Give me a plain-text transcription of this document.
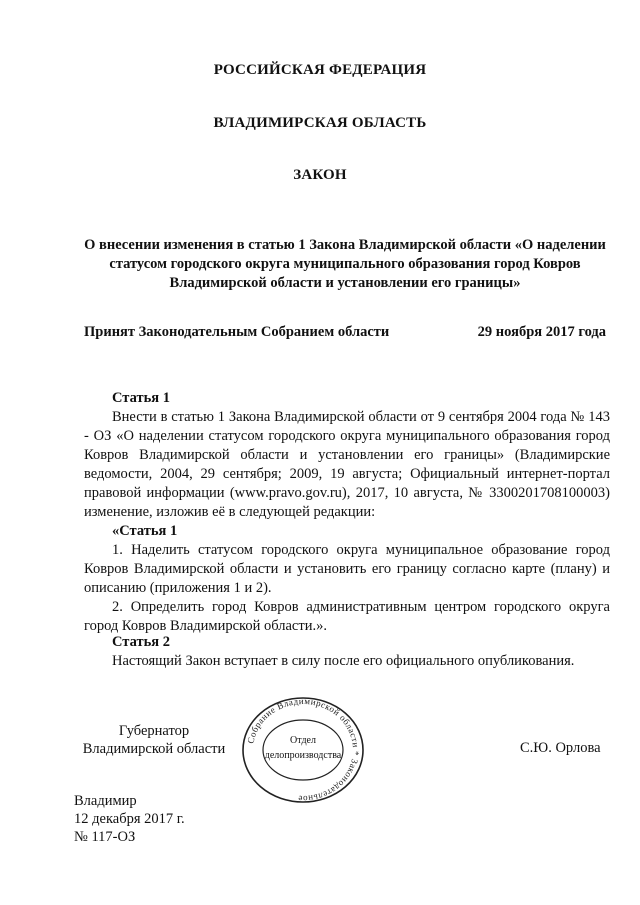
РОССИЙСКАЯ ФЕДЕРАЦИЯ
ВЛАДИМИРСКАЯ ОБЛАСТЬ
ЗАКОН
О внесении изменения в статью 1 Закона Владимирской области «О наделении статусом городского округа муниципального образования город Ковров Владимирской области и установлении его границы»
Принят Законодательным Собранием области	29 ноября 2017 года
Статья 1

Внести в статью 1 Закона Владимирской области от 9 сентября 2004 года № 143 - ОЗ «О наделении статусом городского округа муниципального образования город Ковров Владимирской области и установлении его границы» (Владимирские ведомости, 2004, 29 сентября; 2009, 19 августа; Официальный интернет-портал правовой информации (www.pravo.gov.ru), 2017, 10 августа, № 3300201708100003) изменение, изложив её в следующей редакции:

«Статья 1

1. Наделить статусом городского округа муниципальное образование город Ковров Владимирской области и установить его границу согласно карте (плану) и описанию (приложения 1 и 2).

2. Определить город Ковров административным центром городского округа город Ковров Владимирской области.».

Статья 2

Настоящий Закон вступает в силу после его официального опубликования.

Губернатор
Владимирской области
Собрание Владимирской области * Законодательное
Отдел
делопроизводства	С.Ю. Орлова
Владимир
12 декабря 2017 г.
№ 117-ОЗ
